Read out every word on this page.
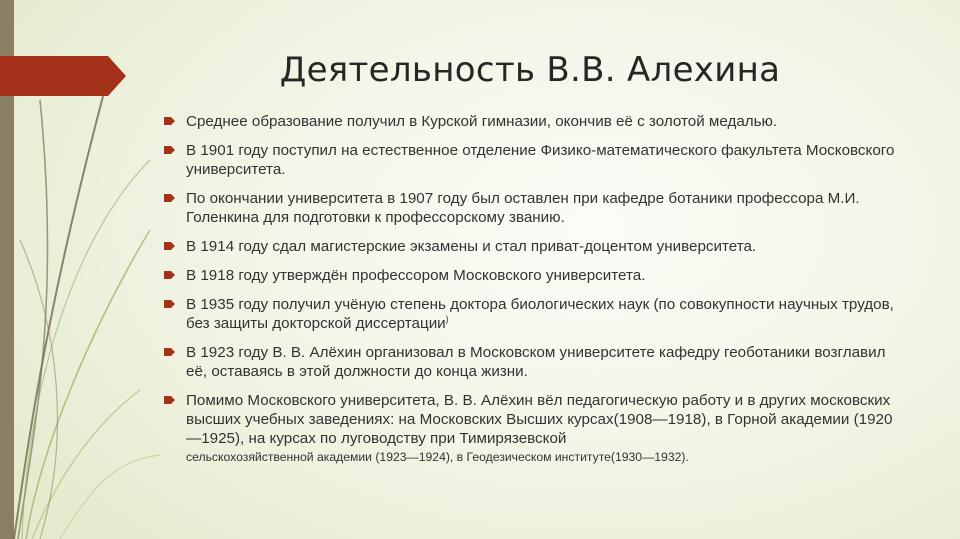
Деятельность В.В. Алехина
Среднее образование получил в Курской гимназии, окончив её с золотой медалью.
В 1901 году поступил на естественное отделение Физико-математического факультета Московского университета.
По окончании университета в 1907 году был оставлен при кафедре ботаники профессора М.И. Голенкина для подготовки к профессорскому званию.
В 1914 году сдал магистерские экзамены и стал приват-доцентом университета.
В 1918 году утверждён профессором Московского университета.
В 1935 году получил учёную степень доктора биологических наук (по совокупности научных трудов, без защиты докторской диссертации)
В 1923 году В. В. Алёхин организовал в Московском университете кафедру геоботаники возглавил её, оставаясь в этой должности до конца жизни.
Помимо Московского университета, В. В. Алёхин вёл педагогическую работу и в других московских высших учебных заведениях: на Московских Высших курсах(1908—1918), в Горной академии (1920—1925), на курсах по луговодству при Тимирязевской
сельскохозяйственной академии (1923—1924), в Геодезическом институте(1930—1932).
